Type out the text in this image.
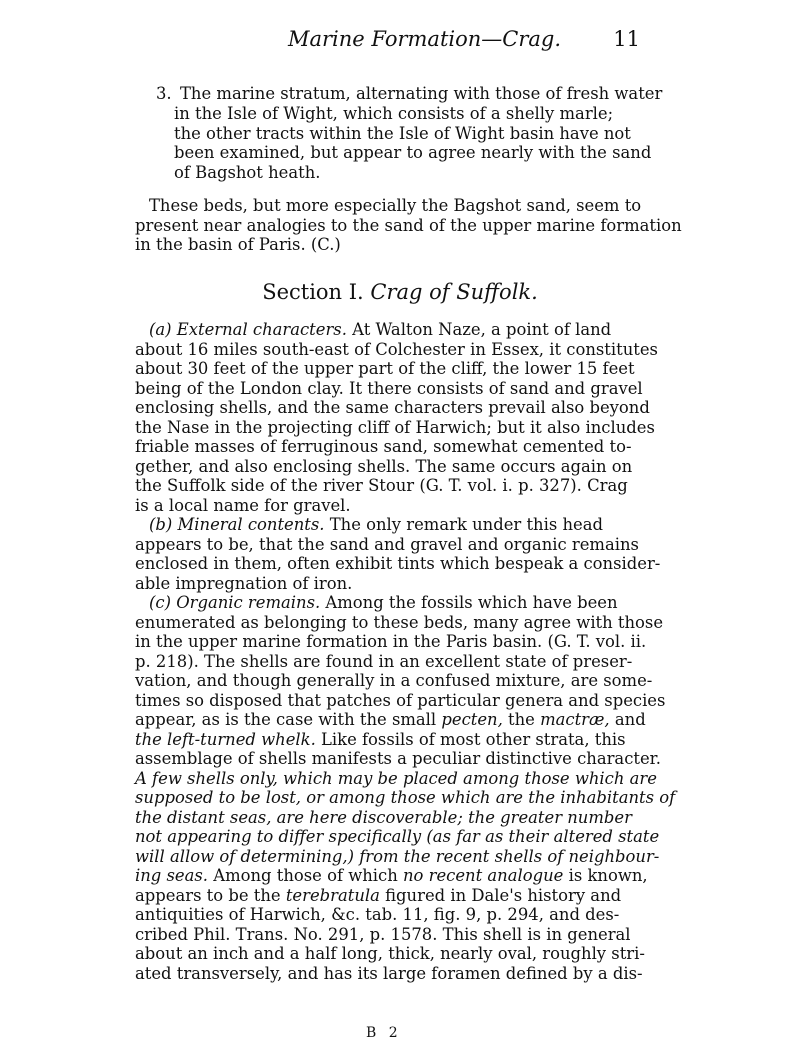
Marine Formation—Crag. 11
3. The marine stratum, alternating with those of fresh water
in the Isle of Wight, which consists of a shelly marle;
the other tracts within the Isle of Wight basin have not
been examined, but appear to agree nearly with the sand
of Bagshot heath.
These beds, but more especially the Bagshot sand, seem to
present near analogies to the sand of the upper marine formation
in the basin of Paris. (C.)
Section I. Crag of Suffolk.
(a) External characters. At Walton Naze, a point of land
about 16 miles south-east of Colchester in Essex, it constitutes
about 30 feet of the upper part of the cliff, the lower 15 feet
being of the London clay. It there consists of sand and gravel
enclosing shells, and the same characters prevail also beyond
the Nase in the projecting cliff of Harwich; but it also includes
friable masses of ferruginous sand, somewhat cemented to-
gether, and also enclosing shells. The same occurs again on
the Suffolk side of the river Stour (G. T. vol. i. p. 327). Crag
is a local name for gravel.
(b) Mineral contents. The only remark under this head
appears to be, that the sand and gravel and organic remains
enclosed in them, often exhibit tints which bespeak a consider-
able impregnation of iron.
(c) Organic remains. Among the fossils which have been
enumerated as belonging to these beds, many agree with those
in the upper marine formation in the Paris basin. (G. T. vol. ii.
p. 218). The shells are found in an excellent state of preser-
vation, and though generally in a confused mixture, are some-
times so disposed that patches of particular genera and species
appear, as is the case with the small pecten, the mactræ, and
the left-turned whelk. Like fossils of most other strata, this
assemblage of shells manifests a peculiar distinctive character.
A few shells only, which may be placed among those which are
supposed to be lost, or among those which are the inhabitants of
the distant seas, are here discoverable; the greater number
not appearing to differ specifically (as far as their altered state
will allow of determining,) from the recent shells of neighbour-
ing seas. Among those of which no recent analogue is known,
appears to be the terebratula figured in Dale's history and
antiquities of Harwich, &c. tab. 11, fig. 9, p. 294, and des-
cribed Phil. Trans. No. 291, p. 1578. This shell is in general
about an inch and a half long, thick, nearly oval, roughly stri-
ated transversely, and has its large foramen defined by a dis-
B 2
